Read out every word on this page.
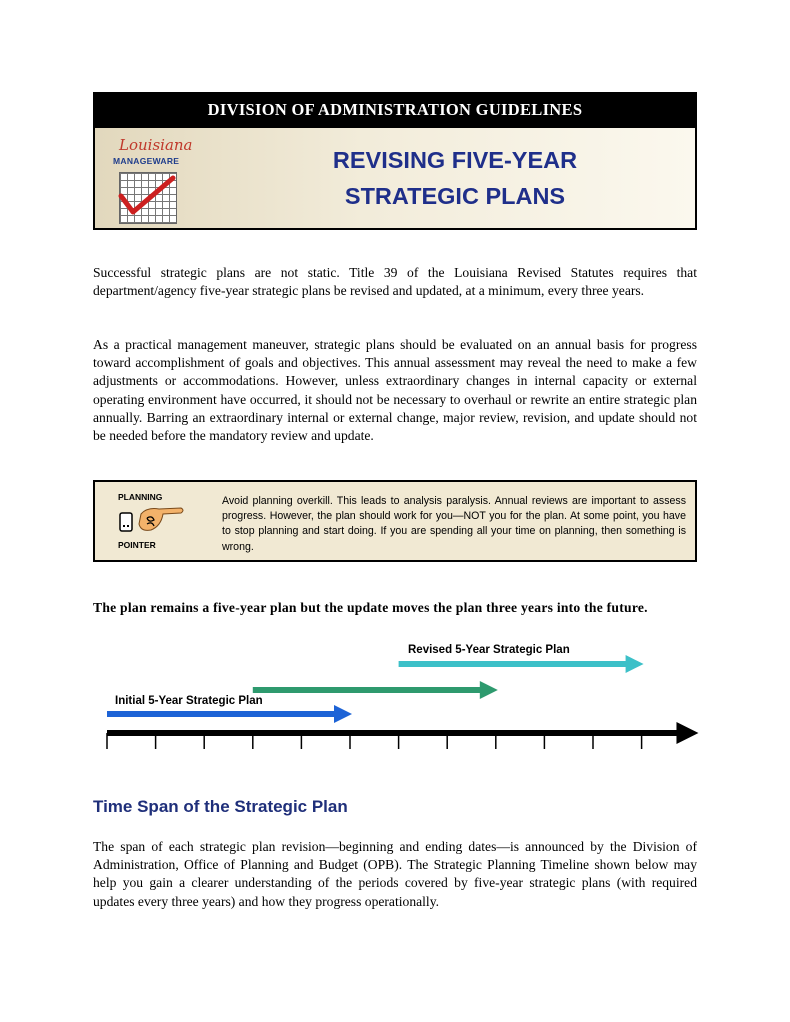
DIVISION OF ADMINISTRATION GUIDELINES
Louisiana
MANAGEWARE	REVISING FIVE-YEAR
STRATEGIC PLANS

Successful strategic plans are not static. Title 39 of the Louisiana Revised Statutes requires that department/agency five-year strategic plans be revised and updated, at a minimum, every three years.

As a practical management maneuver, strategic plans should be evaluated on an annual basis for progress toward accomplishment of goals and objectives. This annual assessment may reveal the need to make a few adjustments or accommodations. However, unless extraordinary changes in internal capacity or external operating environment have occurred, it should not be necessary to overhaul or rewrite an entire strategic plan annually. Barring an extraordinary internal or external change, major review, revision, and update should not be needed before the mandatory review and update.

PLANNING
POINTER
Avoid planning overkill. This leads to analysis paralysis. Annual reviews are important to assess progress. However, the plan should work for you—NOT you for the plan. At some point, you have to stop planning and start doing. If you are spending all your time on planning, then something is wrong.

The plan remains a five-year plan but the update moves the plan three years into the future.

Revised 5-Year Strategic Plan
Initial 5-Year Strategic Plan
Time Span of the Strategic Plan

The span of each strategic plan revision—beginning and ending dates—is announced by the Division of Administration, Office of Planning and Budget (OPB). The Strategic Planning Timeline shown below may help you gain a clearer understanding of the periods covered by five-year strategic plans (with required updates every three years) and how they progress operationally.
